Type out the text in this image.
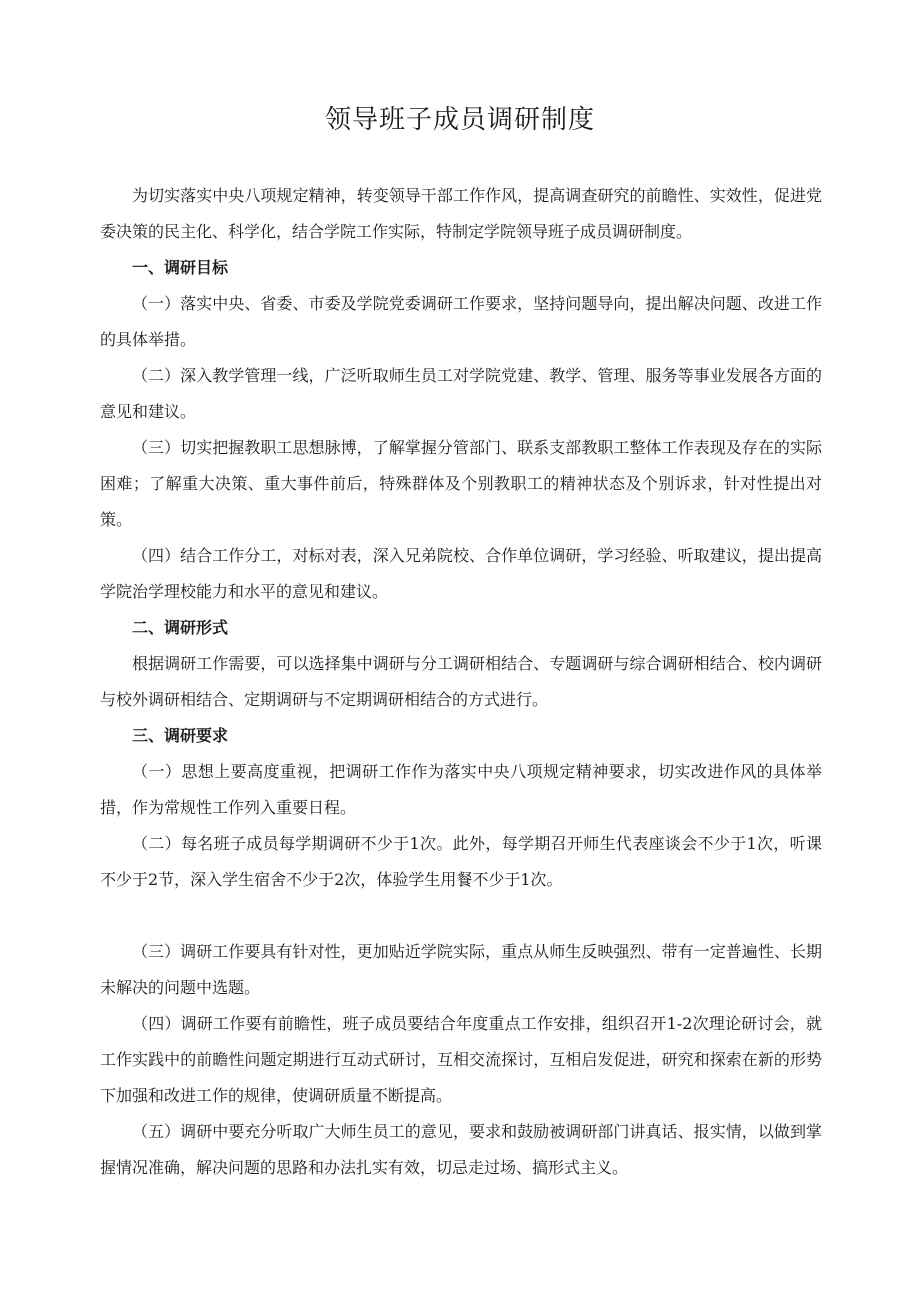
领导班子成员调研制度

为切实落实中央八项规定精神，转变领导干部工作作风，提高调查研究的前瞻性、实效性，促进党委决策的民主化、科学化，结合学院工作实际，特制定学院领导班子成员调研制度。

一、调研目标

（一）落实中央、省委、市委及学院党委调研工作要求，坚持问题导向，提出解决问题、改进工作的具体举措。

（二）深入教学管理一线，广泛听取师生员工对学院党建、教学、管理、服务等事业发展各方面的意见和建议。

（三）切实把握教职工思想脉博，了解掌握分管部门、联系支部教职工整体工作表现及存在的实际困难；了解重大决策、重大事件前后，特殊群体及个别教职工的精神状态及个别诉求，针对性提出对策。

（四）结合工作分工，对标对表，深入兄弟院校、合作单位调研，学习经验、听取建议，提出提高学院治学理校能力和水平的意见和建议。

二、调研形式

根据调研工作需要，可以选择集中调研与分工调研相结合、专题调研与综合调研相结合、校内调研与校外调研相结合、定期调研与不定期调研相结合的方式进行。

三、调研要求

（一）思想上要高度重视，把调研工作作为落实中央八项规定精神要求，切实改进作风的具体举措，作为常规性工作列入重要日程。

（二）每名班子成员每学期调研不少于1次。此外，每学期召开师生代表座谈会不少于1次，听课不少于2节，深入学生宿舍不少于2次，体验学生用餐不少于1次。

（三）调研工作要具有针对性，更加贴近学院实际，重点从师生反映强烈、带有一定普遍性、长期未解决的问题中选题。

（四）调研工作要有前瞻性，班子成员要结合年度重点工作安排，组织召开1-2次理论研讨会，就工作实践中的前瞻性问题定期进行互动式研讨，互相交流探讨，互相启发促进，研究和探索在新的形势下加强和改进工作的规律，使调研质量不断提高。

（五）调研中要充分听取广大师生员工的意见，要求和鼓励被调研部门讲真话、报实情，以做到掌握情况准确，解决问题的思路和办法扎实有效，切忌走过场、搞形式主义。
